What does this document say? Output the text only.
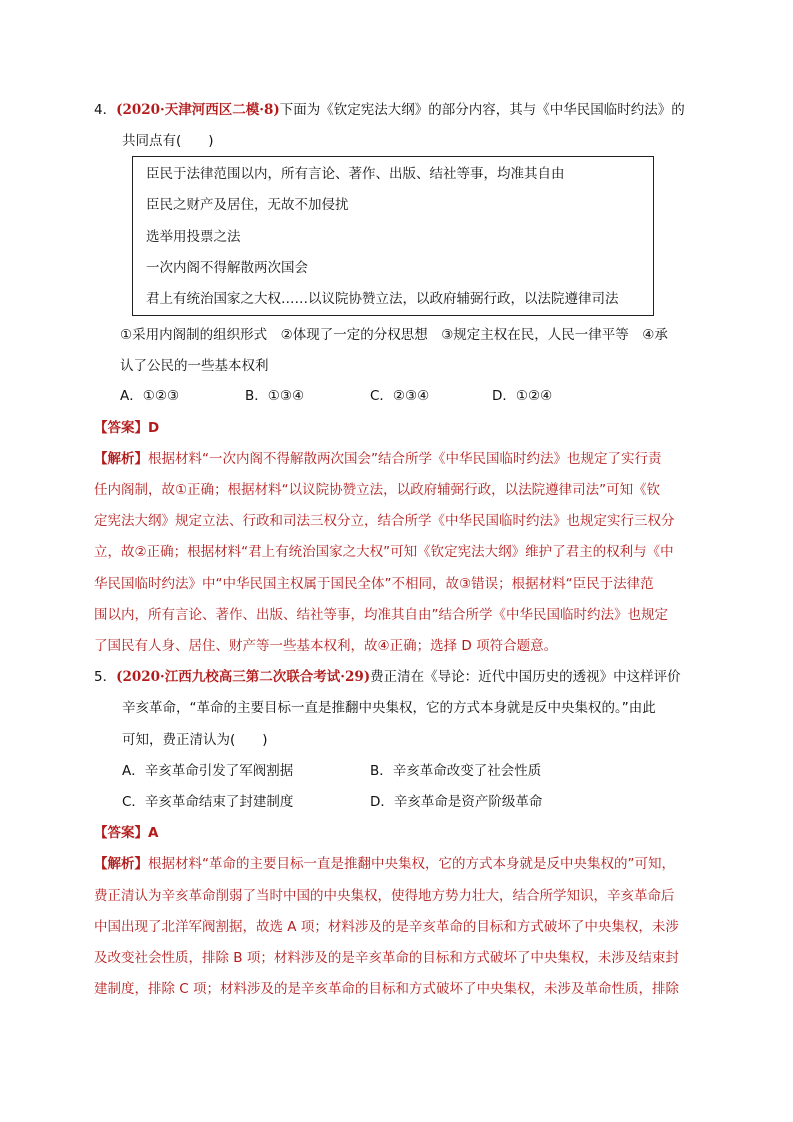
4．(2020·天津河西区二模·8)下面为《钦定宪法大纲》的部分内容，其与《中华民国临时约法》的
共同点有(　　)
臣民于法律范围以内，所有言论、著作、出版、结社等事，均准其自由
臣民之财产及居住，无故不加侵扰
选举用投票之法
一次内阁不得解散两次国会
君上有统治国家之大权……以议院协赞立法，以政府辅弼行政，以法院遵律司法
①采用内阁制的组织形式　②体现了一定的分权思想　③规定主权在民，人民一律平等　④承
认了公民的一些基本权利
A．①②③	B．①③④	C．②③④	D．①②④
【答案】D
【解析】根据材料“一次内阁不得解散两次国会”结合所学《中华民国临时约法》也规定了实行责
任内阁制，故①正确；根据材料“以议院协赞立法，以政府辅弼行政，以法院遵律司法”可知《钦
定宪法大纲》规定立法、行政和司法三权分立，结合所学《中华民国临时约法》也规定实行三权分
立，故②正确；根据材料“君上有统治国家之大权”可知《钦定宪法大纲》维护了君主的权利与《中
华民国临时约法》中“中华民国主权属于国民全体”不相同，故③错误；根据材料“臣民于法律范
围以内，所有言论、著作、出版、结社等事，均准其自由”结合所学《中华民国临时约法》也规定
了国民有人身、居住、财产等一些基本权利，故④正确；选择 D 项符合题意。
5．(2020·江西九校高三第二次联合考试·29)费正清在《导论：近代中国历史的透视》中这样评价
辛亥革命，“革命的主要目标一直是推翻中央集权，它的方式本身就是反中央集权的。”由此
可知，费正清认为(　　)
A．辛亥革命引发了军阀割据	B．辛亥革命改变了社会性质
C．辛亥革命结束了封建制度	D．辛亥革命是资产阶级革命
【答案】A
【解析】根据材料“革命的主要目标一直是推翻中央集权，它的方式本身就是反中央集权的”可知，
费正清认为辛亥革命削弱了当时中国的中央集权，使得地方势力壮大，结合所学知识，辛亥革命后
中国出现了北洋军阀割据，故选 A 项；材料涉及的是辛亥革命的目标和方式破坏了中央集权，未涉
及改变社会性质，排除 B 项；材料涉及的是辛亥革命的目标和方式破坏了中央集权，未涉及结束封
建制度，排除 C 项；材料涉及的是辛亥革命的目标和方式破坏了中央集权，未涉及革命性质，排除
